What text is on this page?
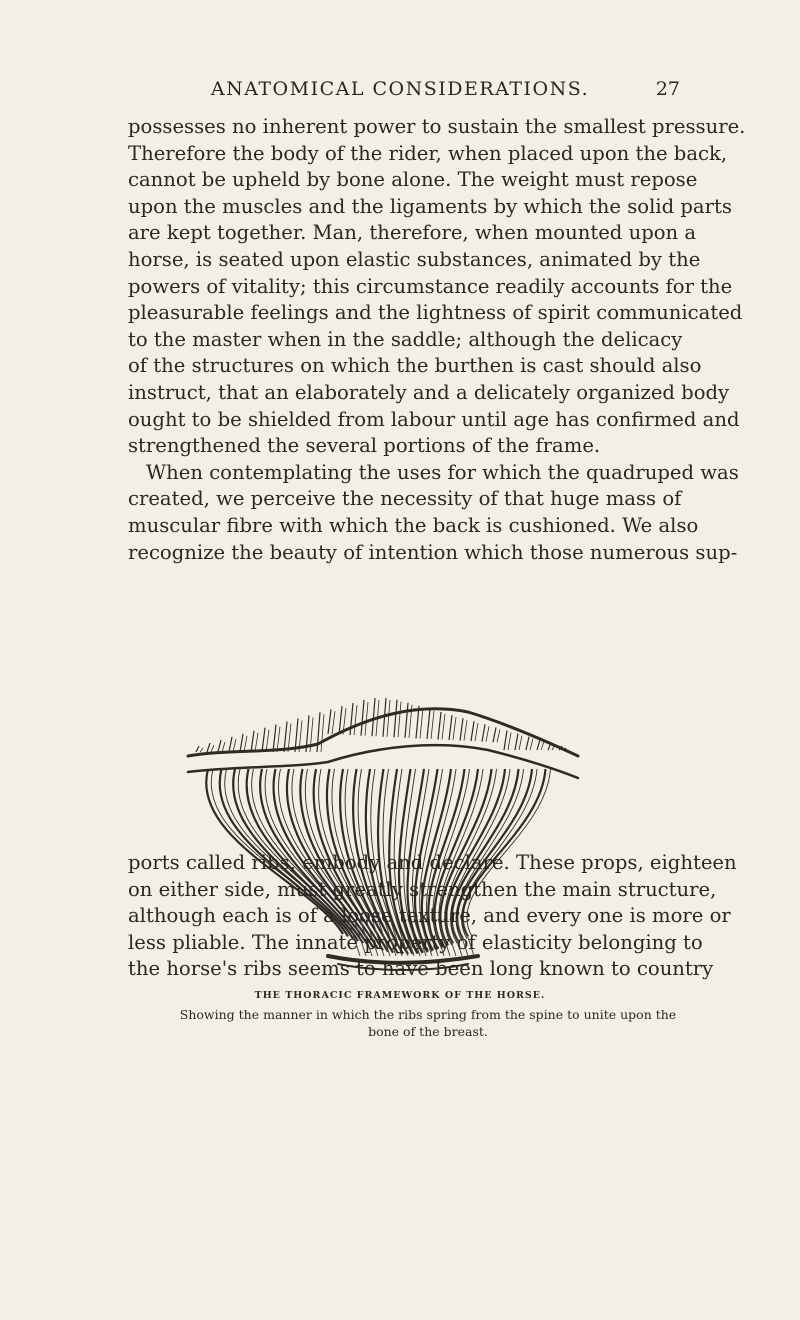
ANATOMICAL CONSIDERATIONS.	27
possesses no inherent power to sustain the smallest pressure.
Therefore the body of the rider, when placed upon the back,
cannot be upheld by bone alone. The weight must repose
upon the muscles and the ligaments by which the solid parts
are kept together. Man, therefore, when mounted upon a
horse, is seated upon elastic substances, animated by the
powers of vitality; this circumstance readily accounts for the
pleasurable feelings and the lightness of spirit communicated
to the master when in the saddle; although the delicacy
of the structures on which the burthen is cast should also
instruct, that an elaborately and a delicately organized body
ought to be shielded from labour until age has confirmed and
strengthened the several portions of the frame.
When contemplating the uses for which the quadruped was
created, we perceive the necessity of that huge mass of
muscular fibre with which the back is cushioned. We also
recognize the beauty of intention which those numerous sup-
THE THORACIC FRAMEWORK OF THE HORSE.
Showing the manner in which the ribs spring from the spine to unite upon the
bone of the breast.
ports called ribs, embody and declare. These props, eighteen
on either side, must greatly strengthen the main structure,
although each is of a loose texture, and every one is more or
less pliable. The innate property of elasticity belonging to
the horse's ribs seems to have been long known to country
